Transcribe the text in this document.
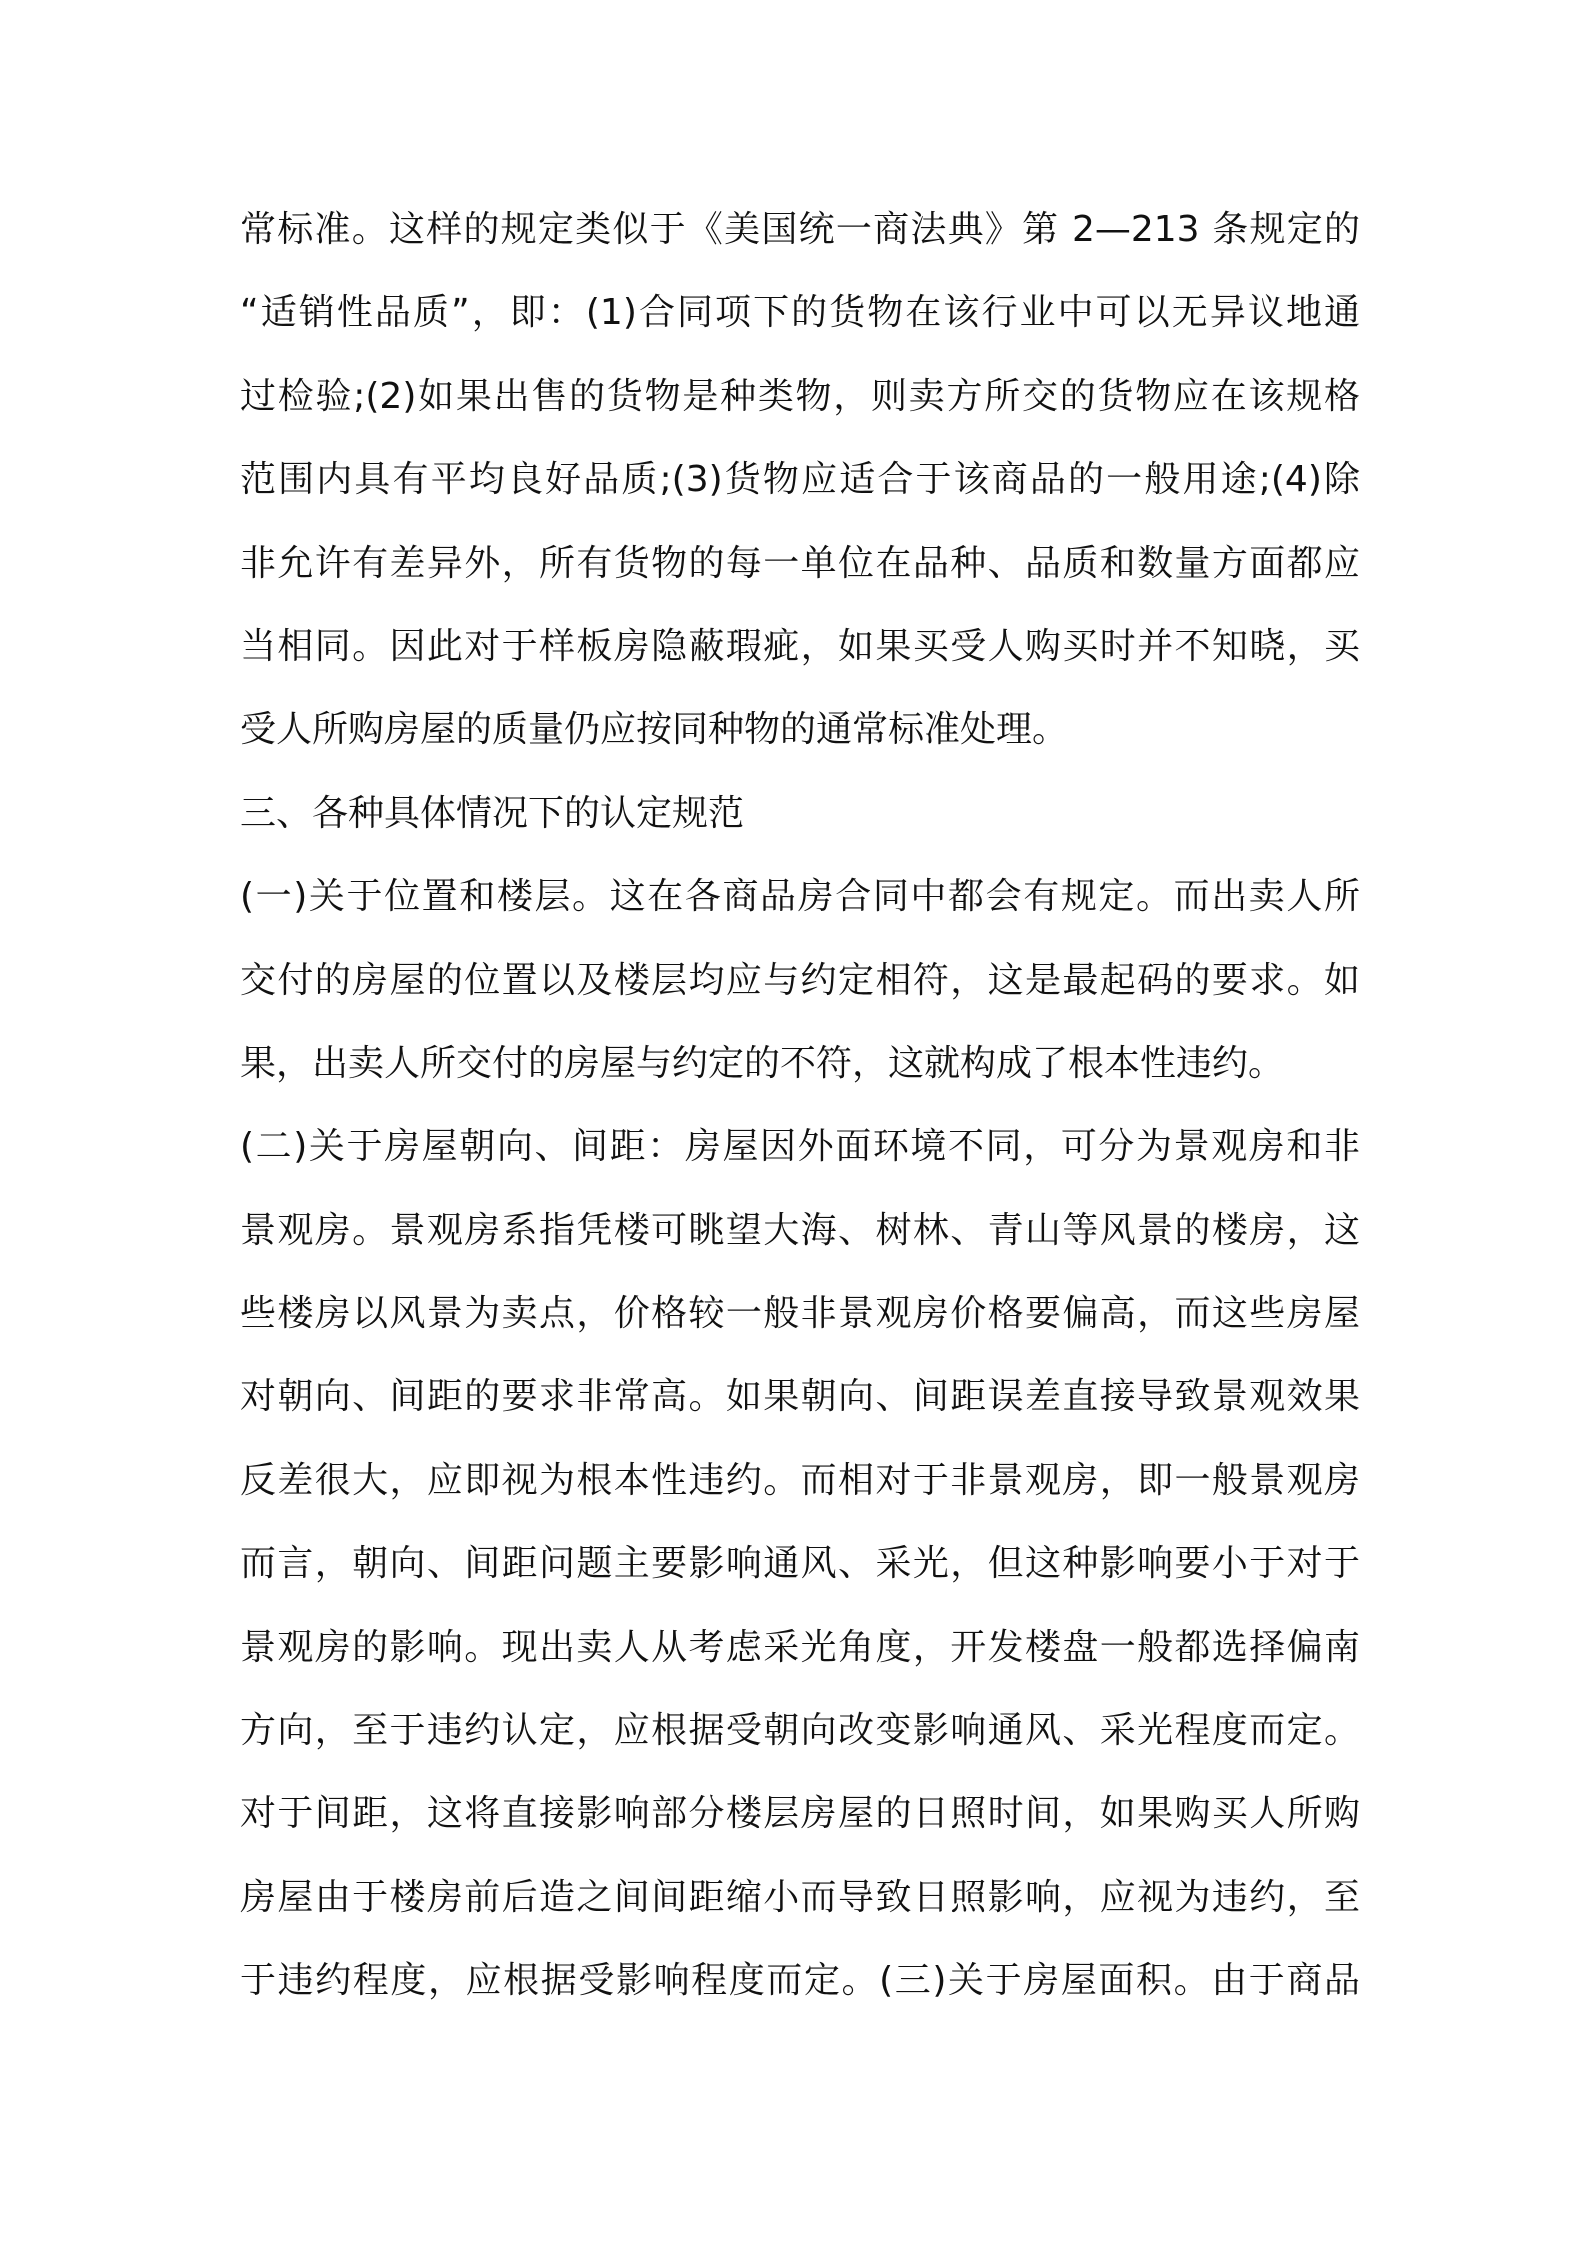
常标准。这样的规定类似于《美国统一商法典》第 2—213 条规定的
“适销性品质”，即：(1)合同项下的货物在该行业中可以无异议地通
过检验;(2)如果出售的货物是种类物，则卖方所交的货物应在该规格
范围内具有平均良好品质;(3)货物应适合于该商品的一般用途;(4)除
非允许有差异外，所有货物的每一单位在品种、品质和数量方面都应
当相同。因此对于样板房隐蔽瑕疵，如果买受人购买时并不知晓，买
受人所购房屋的质量仍应按同种物的通常标准处理。
三、各种具体情况下的认定规范
(一)关于位置和楼层。这在各商品房合同中都会有规定。而出卖人所
交付的房屋的位置以及楼层均应与约定相符，这是最起码的要求。如
果，出卖人所交付的房屋与约定的不符，这就构成了根本性违约。
(二)关于房屋朝向、间距：房屋因外面环境不同，可分为景观房和非
景观房。景观房系指凭楼可眺望大海、树林、青山等风景的楼房，这
些楼房以风景为卖点，价格较一般非景观房价格要偏高，而这些房屋
对朝向、间距的要求非常高。如果朝向、间距误差直接导致景观效果
反差很大，应即视为根本性违约。而相对于非景观房，即一般景观房
而言，朝向、间距问题主要影响通风、采光，但这种影响要小于对于
景观房的影响。现出卖人从考虑采光角度，开发楼盘一般都选择偏南
方向，至于违约认定，应根据受朝向改变影响通风、采光程度而定。
对于间距，这将直接影响部分楼层房屋的日照时间，如果购买人所购
房屋由于楼房前后造之间间距缩小而导致日照影响，应视为违约，至
于违约程度，应根据受影响程度而定。(三)关于房屋面积。由于商品
